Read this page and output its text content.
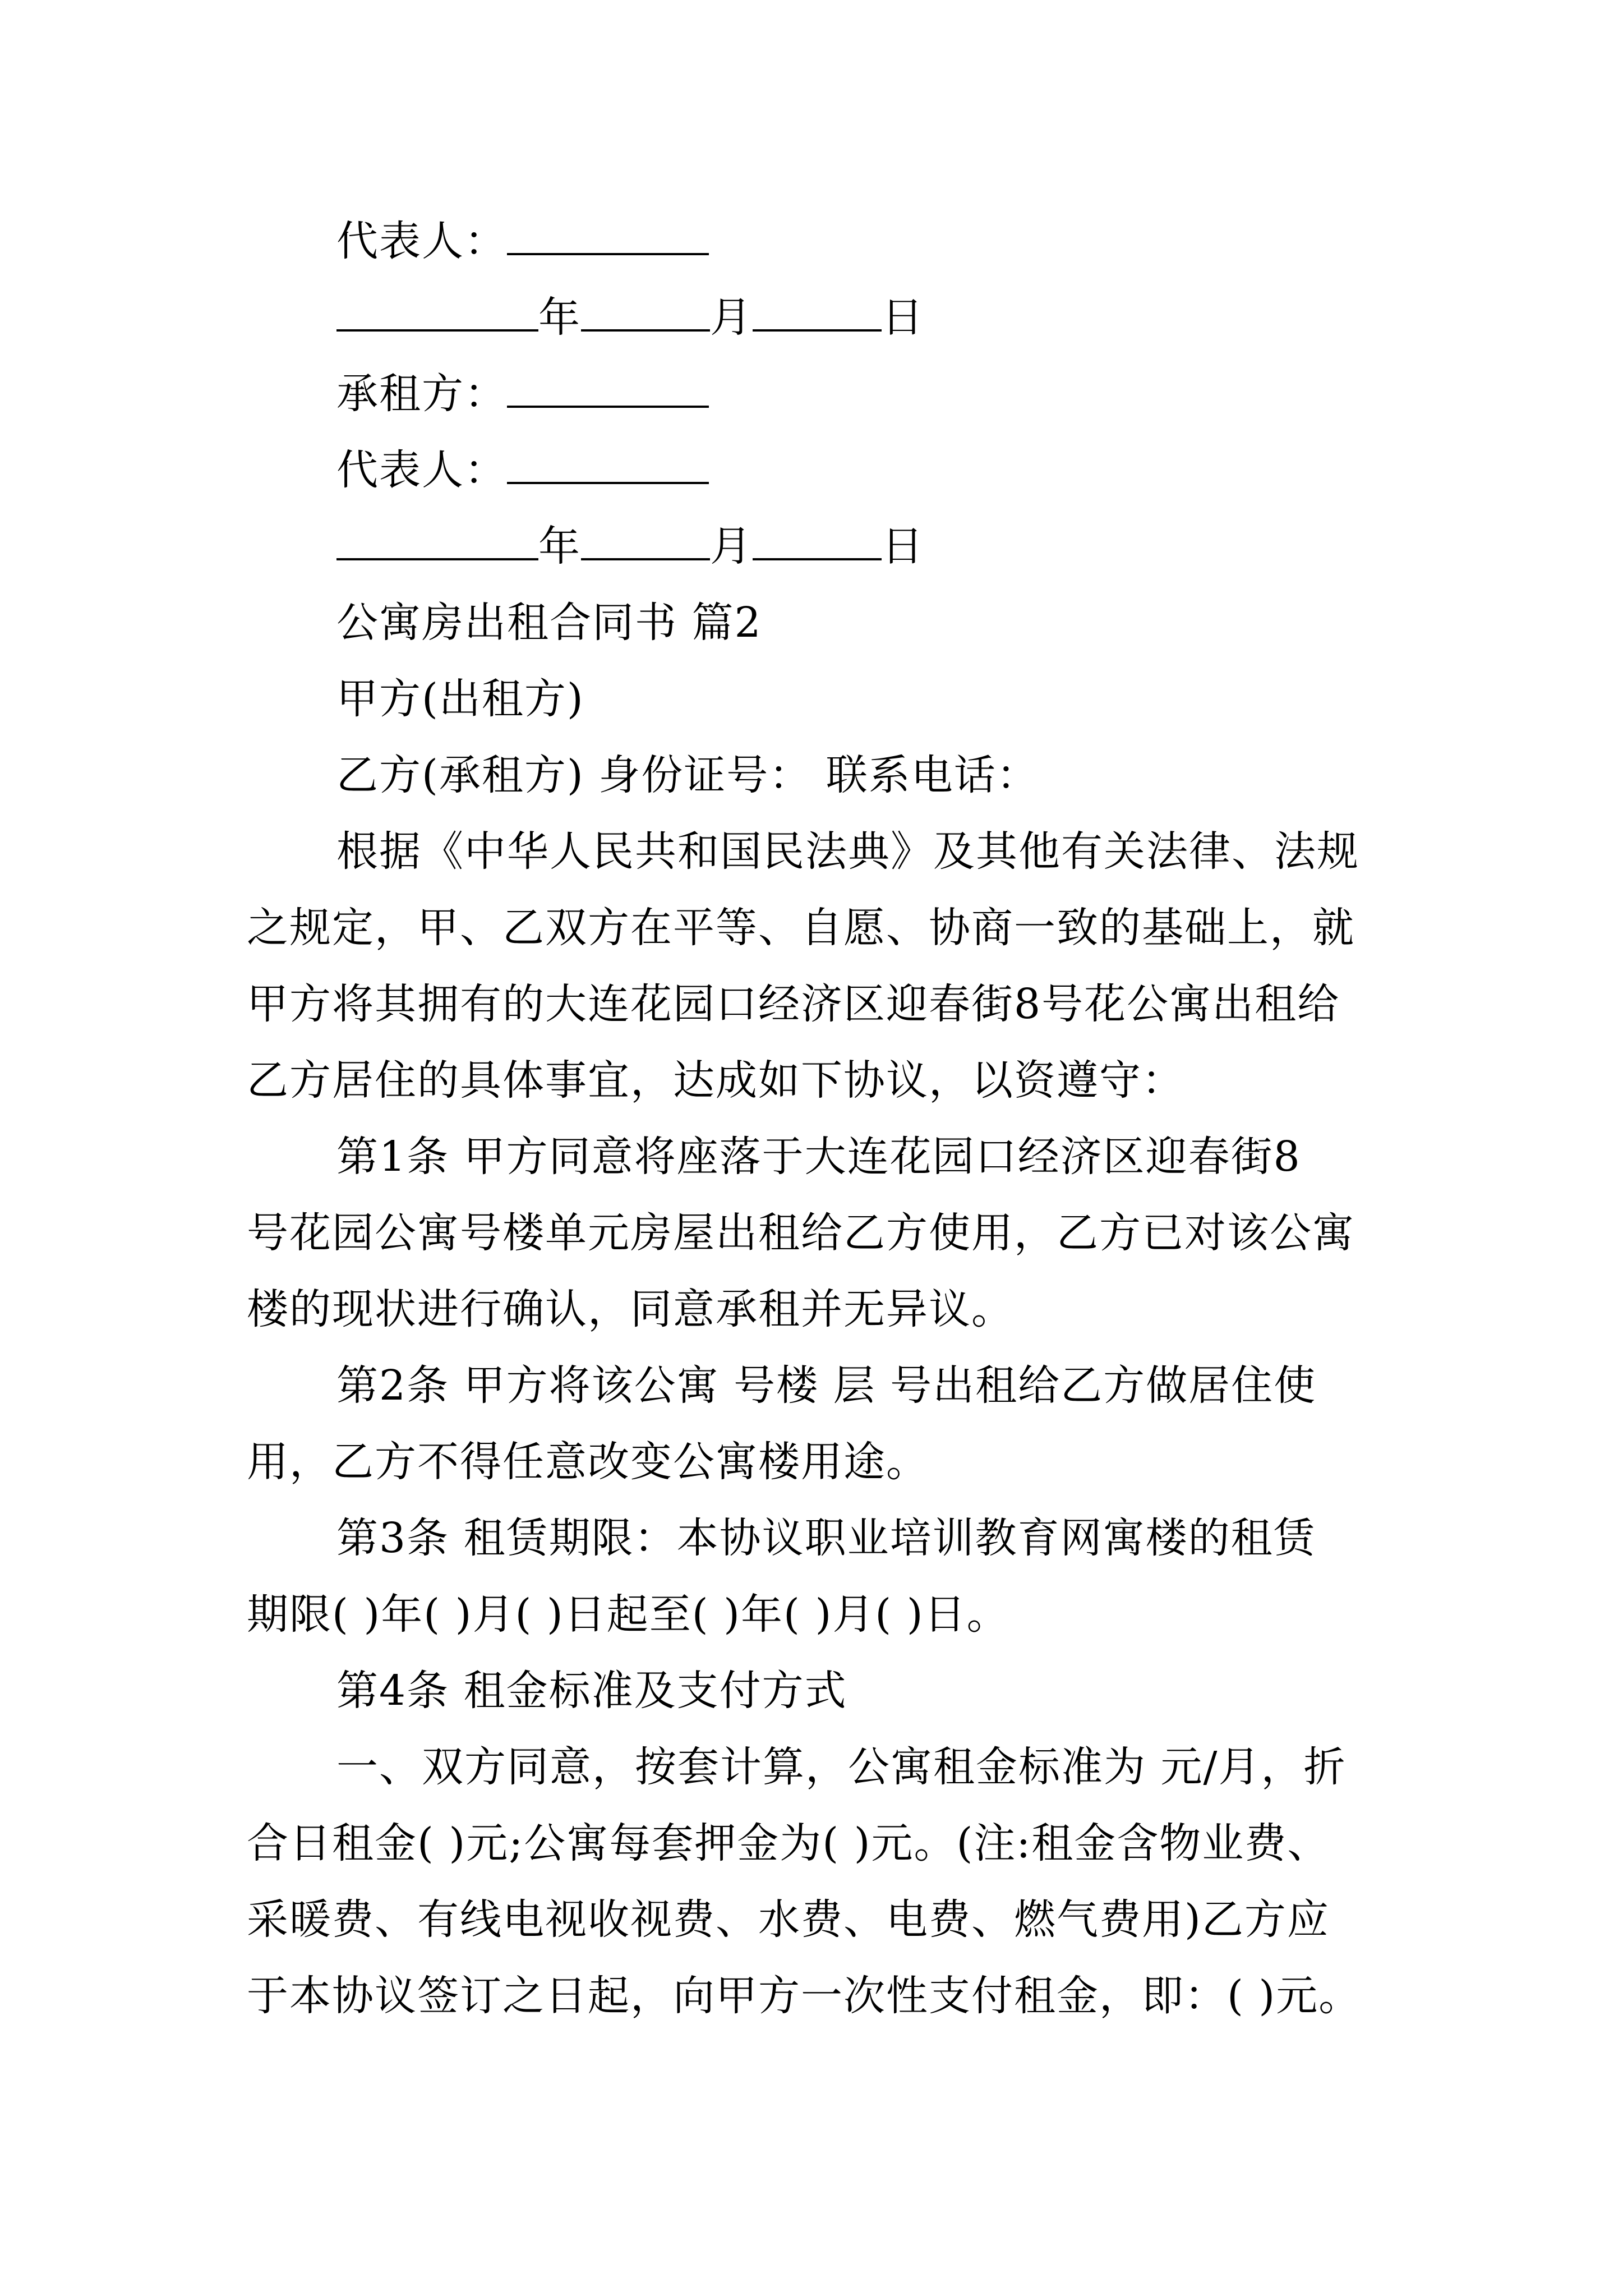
代表人：
年	月	日
承租方：
代表人：
年	月	日
公寓房出租合同书 篇2
甲方(出租方)
乙方(承租方) 身份证号： 联系电话：
根据《中华人民共和国民法典》及其他有关法律、法规
之规定，甲、乙双方在平等、自愿、协商一致的基础上，就
甲方将其拥有的大连花园口经济区迎春街8号花公寓出租给
乙方居住的具体事宜，达成如下协议，以资遵守：
第1条 甲方同意将座落于大连花园口经济区迎春街8
号花园公寓号楼单元房屋出租给乙方使用，乙方已对该公寓
楼的现状进行确认，同意承租并无异议。
第2条 甲方将该公寓 号楼 层 号出租给乙方做居住使
用，乙方不得任意改变公寓楼用途。
第3条 租赁期限：本协议职业培训教育网寓楼的租赁
期限( )年( )月( )日起至( )年( )月( )日。
第4条 租金标准及支付方式
一、双方同意，按套计算，公寓租金标准为 元/月，折
合日租金( )元;公寓每套押金为( )元。(注:租金含物业费、
采暖费、有线电视收视费、水费、电费、燃气费用)乙方应
于本协议签订之日起，向甲方一次性支付租金，即：( )元。
